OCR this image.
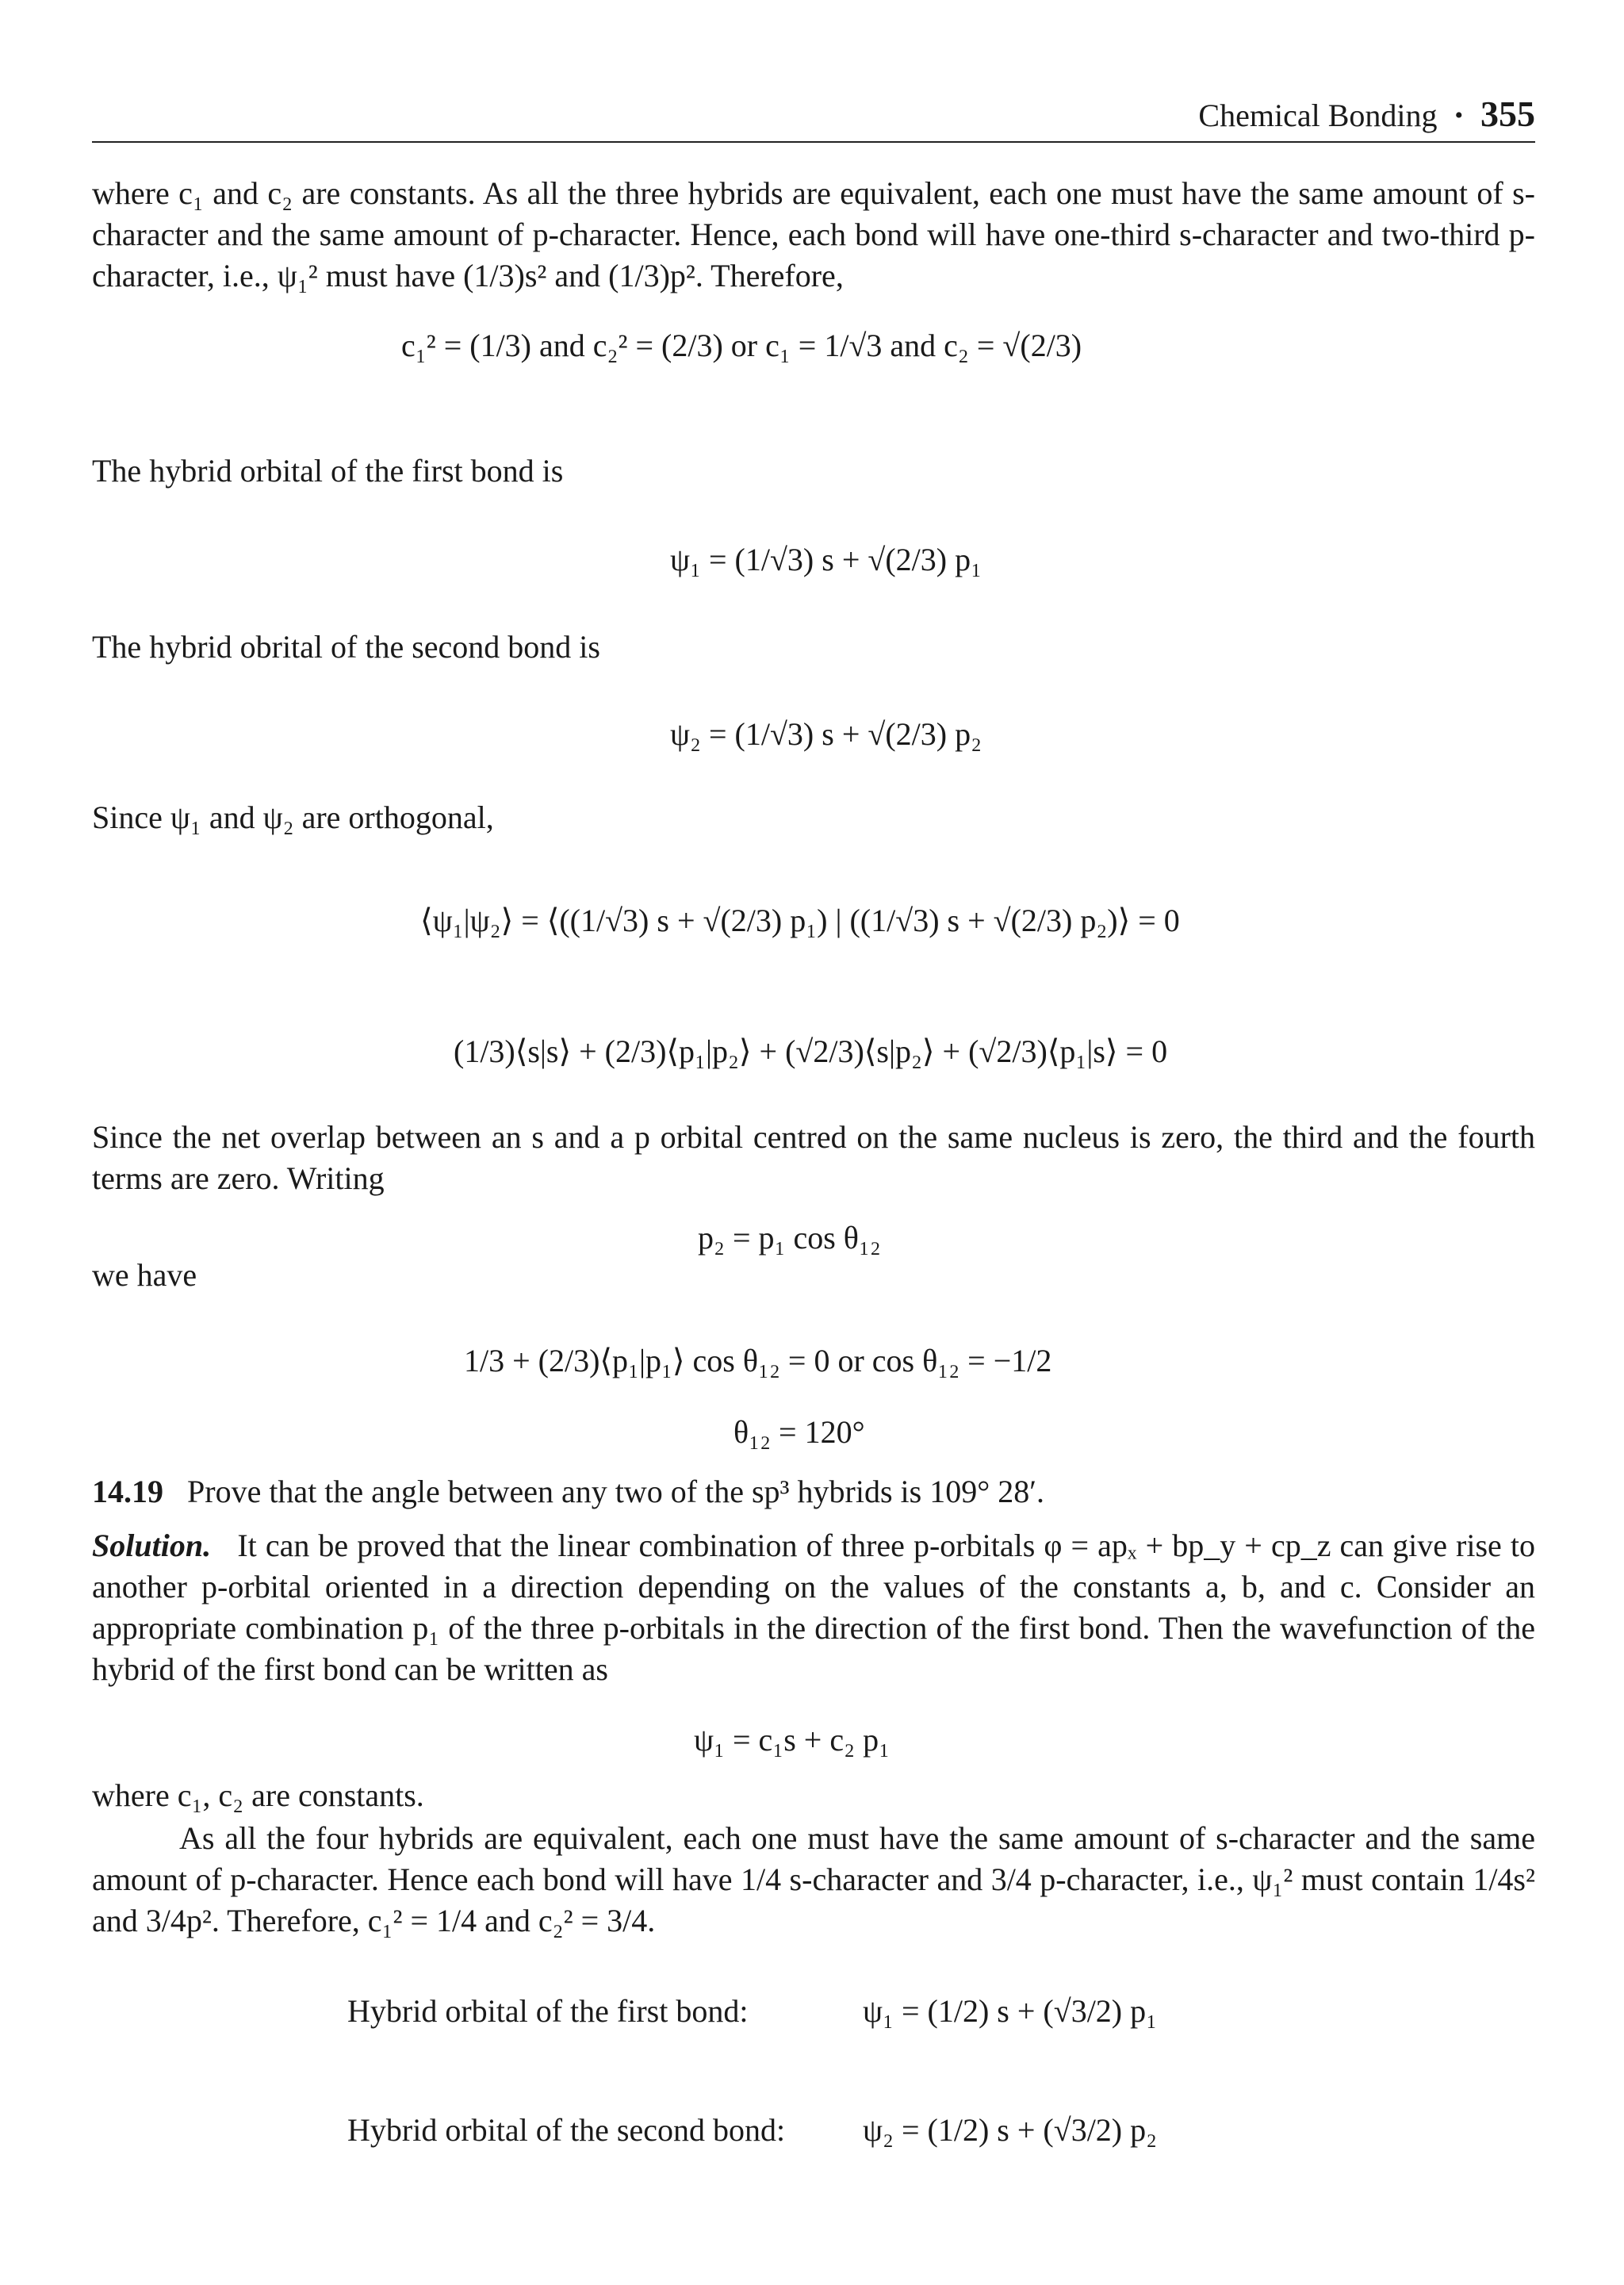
Chemical Bonding • 355
where c₁ and c₂ are constants. As all the three hybrids are equivalent, each one must have the same amount of s-character and the same amount of p-character. Hence, each bond will have one-third s-character and two-third p-character, i.e., ψ₁² must have (1/3)s² and (1/3)p². Therefore,
c₁² = (1/3) and c₂² = (2/3) or c₁ = 1/√3 and c₂ = √(2/3)
The hybrid orbital of the first bond is
ψ₁ = (1/√3) s + √(2/3) p₁
The hybrid obrital of the second bond is
ψ₂ = (1/√3) s + √(2/3) p₂
Since ψ₁ and ψ₂ are orthogonal,
⟨ψ₁|ψ₂⟩ = ⟨((1/√3) s + √(2/3) p₁) | ((1/√3) s + √(2/3) p₂)⟩ = 0
(1/3)⟨s|s⟩ + (2/3)⟨p₁|p₂⟩ + (√2/3)⟨s|p₂⟩ + (√2/3)⟨p₁|s⟩ = 0
Since the net overlap between an s and a p orbital centred on the same nucleus is zero, the third and the fourth terms are zero. Writing
p₂ = p₁ cos θ₁₂
we have
1/3 + (2/3)⟨p₁|p₁⟩ cos θ₁₂ = 0 or cos θ₁₂ = −1/2
θ₁₂ = 120°
14.19 Prove that the angle between any two of the sp³ hybrids is 109° 28′.
Solution. It can be proved that the linear combination of three p-orbitals φ = apₓ + bp_y + cp_z can give rise to another p-orbital oriented in a direction depending on the values of the constants a, b, and c. Consider an appropriate combination p₁ of the three p-orbitals in the direction of the first bond. Then the wavefunction of the hybrid of the first bond can be written as
ψ₁ = c₁s + c₂ p₁
where c₁, c₂ are constants.
As all the four hybrids are equivalent, each one must have the same amount of s-character and the same amount of p-character. Hence each bond will have 1/4 s-character and 3/4 p-character, i.e., ψ₁² must contain 1/4s² and 3/4p². Therefore, c₁² = 1/4 and c₂² = 3/4.
Hybrid orbital of the first bond:	ψ₁ = (1/2) s + (√3/2) p₁
Hybrid orbital of the second bond: ψ₂ = (1/2) s + (√3/2) p₂
